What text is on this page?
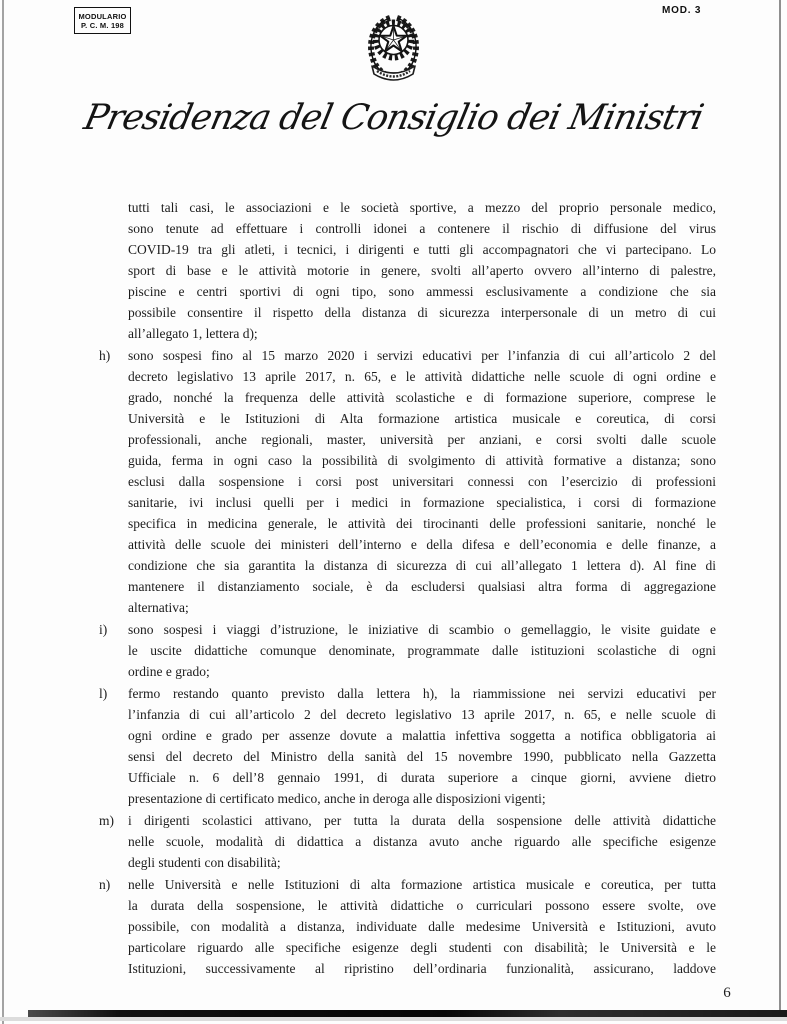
MODULARIO
P. C. M. 198
MOD. 3
Presidenza del Consiglio dei Ministri
tutti tali casi, le associazioni e le società sportive, a mezzo del proprio personale medico,
sono tenute ad effettuare i controlli idonei a contenere il rischio di diffusione del virus
COVID-19 tra gli atleti, i tecnici, i dirigenti e tutti gli accompagnatori che vi partecipano. Lo
sport di base e le attività motorie in genere, svolti all’aperto ovvero all’interno di palestre,
piscine e centri sportivi di ogni tipo, sono ammessi esclusivamente a condizione che sia
possibile consentire il rispetto della distanza di sicurezza interpersonale di un metro di cui
all’allegato 1, lettera d);
h)	sono sospesi fino al 15 marzo 2020 i servizi educativi per l’infanzia di cui all’articolo 2 del
decreto legislativo 13 aprile 2017, n. 65, e le attività didattiche nelle scuole di ogni ordine e
grado, nonché la frequenza delle attività scolastiche e di formazione superiore, comprese le
Università e le Istituzioni di Alta formazione artistica musicale e coreutica, di corsi
professionali, anche regionali, master, università per anziani, e corsi svolti dalle scuole
guida, ferma in ogni caso la possibilità di svolgimento di attività formative a distanza; sono
esclusi dalla sospensione i corsi post universitari connessi con l’esercizio di professioni
sanitarie, ivi inclusi quelli per i medici in formazione specialistica, i corsi di formazione
specifica in medicina generale, le attività dei tirocinanti delle professioni sanitarie, nonché le
attività delle scuole dei ministeri dell’interno e della difesa e dell’economia e delle finanze, a
condizione che sia garantita la distanza di sicurezza di cui all’allegato 1 lettera d). Al fine di
mantenere il distanziamento sociale, è da escludersi qualsiasi altra forma di aggregazione
alternativa;
i)	sono sospesi i viaggi d’istruzione, le iniziative di scambio o gemellaggio, le visite guidate e
le uscite didattiche comunque denominate, programmate dalle istituzioni scolastiche di ogni
ordine e grado;
l)	fermo restando quanto previsto dalla lettera h), la riammissione nei servizi educativi per
l’infanzia di cui all’articolo 2 del decreto legislativo 13 aprile 2017, n. 65, e nelle scuole di
ogni ordine e grado per assenze dovute a malattia infettiva soggetta a notifica obbligatoria ai
sensi del decreto del Ministro della sanità del 15 novembre 1990, pubblicato nella Gazzetta
Ufficiale n. 6 dell’8 gennaio 1991, di durata superiore a cinque giorni, avviene dietro
presentazione di certificato medico, anche in deroga alle disposizioni vigenti;
m)	i dirigenti scolastici attivano, per tutta la durata della sospensione delle attività didattiche
nelle scuole, modalità di didattica a distanza avuto anche riguardo alle specifiche esigenze
degli studenti con disabilità;
n)	nelle Università e nelle Istituzioni di alta formazione artistica musicale e coreutica, per tutta
la durata della sospensione, le attività didattiche o curriculari possono essere svolte, ove
possibile, con modalità a distanza, individuate dalle medesime Università e Istituzioni, avuto
particolare riguardo alle specifiche esigenze degli studenti con disabilità; le Università e le
Istituzioni, successivamente al ripristino dell’ordinaria funzionalità, assicurano, laddove
6
